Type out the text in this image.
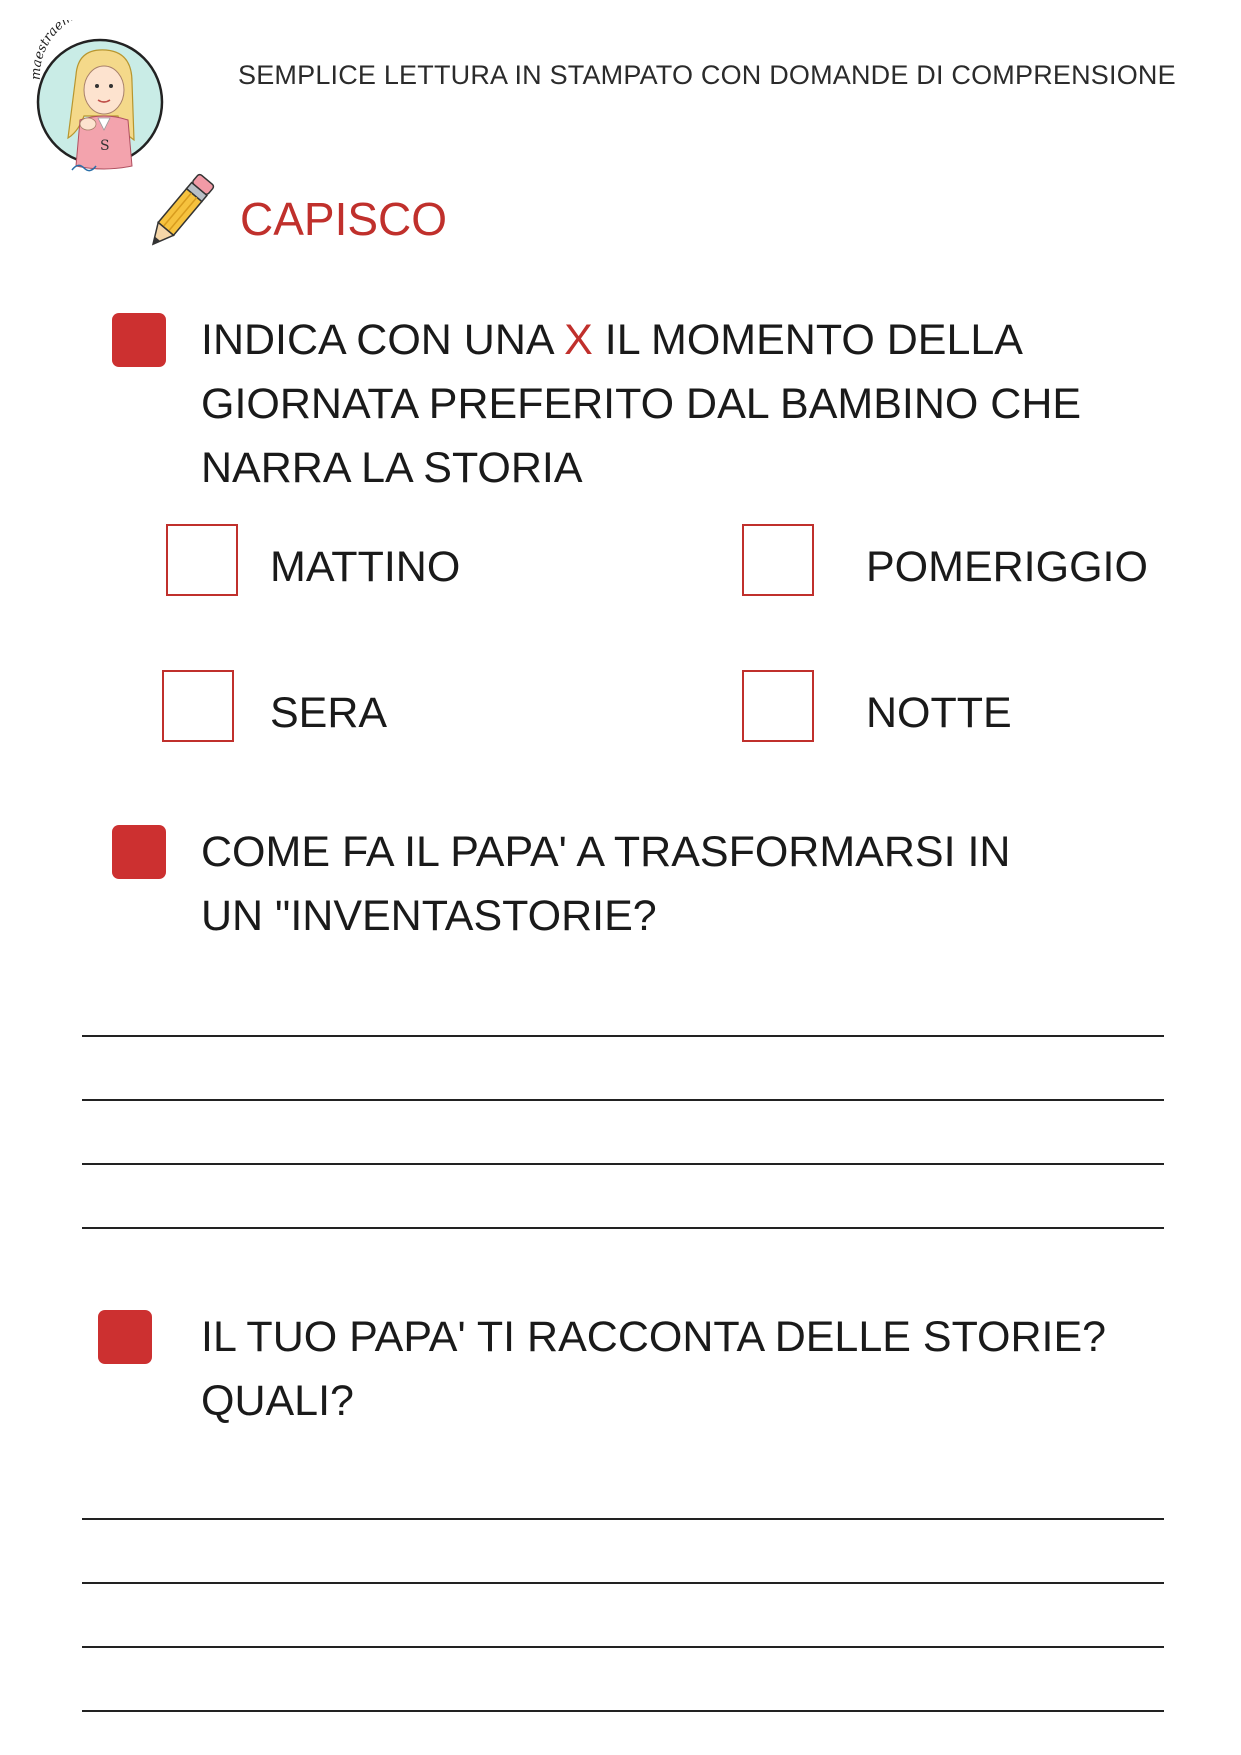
S
maestrae
SEMPLICE LETTURA IN STAMPATO CON DOMANDE DI COMPRENSIONE
CAPISCO
INDICA CON UNA X IL MOMENTO DELLA GIORNATA PREFERITO DAL BAMBINO CHE NARRA LA STORIA
MATTINO	POMERIGGIO
SERA	NOTTE
COME FA IL PAPA' A TRASFORMARSI IN UN "INVENTASTORIE?
IL TUO PAPA' TI RACCONTA DELLE STORIE? QUALI?
